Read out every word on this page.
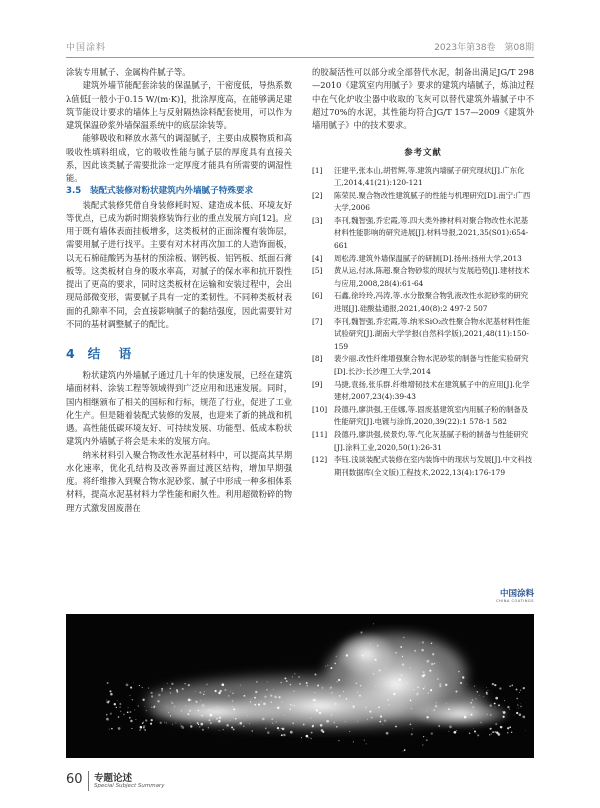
中国涂料	2023年第38卷　第08期

涂装专用腻子、金属构件腻子等。

建筑外墙节能配套涂装的保温腻子，干密度低，导热系数λ值低[一般小于0.15 W/(m·K)]，批涂厚度高，在能够满足建筑节能设计要求的墙体上与反射隔热涂料配套使用，可以作为建筑保温砂浆外墙保温系统中的底层涂装等。

能够吸收和释放水蒸气的调湿腻子，主要由成膜物质和高吸收性填料组成，它的吸收性能与腻子层的厚度具有直接关系，因此该类腻子需要批涂一定厚度才能具有所需要的调湿性能。

3.5　装配式装修对粉状建筑内外墙腻子特殊要求

装配式装修凭借自身装修耗时短、建造成本低、环境友好等优点，已成为新时期装修装饰行业的重点发展方向[12]。应用于既有墙体表面挂板增多，这类板材的正面涂覆有装饰层，需要用腻子进行找平。主要有对木材再次加工的人造饰面板，以无石棉硅酸钙为基材的预涂板、钢钙板、铝钙板、纸面石膏板等。这类板材自身的吸水率高，对腻子的保水率和抗开裂性提出了更高的要求，同时这类板材在运输和安装过程中，会出现局部微变形，需要腻子具有一定的柔韧性。不同种类板材表面的孔隙率不同，会直接影响腻子的黏结强度，因此需要针对不同的基材调整腻子的配比。

4 结　语

粉状建筑内外墙腻子通过几十年的快速发展，已经在建筑墙面材料、涂装工程等领域得到广泛应用和迅速发展。同时，国内相继颁布了相关的国标和行标，规范了行业，促进了工业化生产。但是随着装配式装修的发展，也迎来了新的挑战和机遇。高性能低碳环境友好、可持续发展、功能型、低成本粉状建筑内外墙腻子将会是未来的发展方向。

纳米材料引入聚合物改性水泥基材料中，可以提高其早期水化速率，优化孔结构及改善界面过渡区结构，增加早期强度。将纤维掺入到聚合物水泥砂浆、腻子中形成一种多相体系材料，提高水泥基材料力学性能和耐久性。利用超微粉碎的物理方式激发固废潜在

的胶凝活性可以部分或全部替代水泥，制备出满足JG/T 298—2010《建筑室内用腻子》要求的建筑内墙腻子，炼油过程中在气化炉收尘器中收取的飞灰可以替代建筑外墙腻子中不超过70%的水泥，其性能均符合JG/T 157—2009《建筑外墙用腻子》中的技术要求。

参考文献
[1]	汪建平,张本山,胡哲辉,等.建筑内墙腻子研究现状[J].广东化工,2014,41(21):120-121
[2]	陈荣民.聚合物改性建筑腻子的性能与机理研究[D].南宁:广西大学,2006
[3]	李刊,魏智强,乔宏霞,等.四大类外掺材料对聚合物改性水泥基材料性能影响的研究进展[J].材料导报,2021,35(S01):654-661
[4]	周松涛.建筑外墙保温腻子的研制[D].扬州:扬州大学,2013
[5]	黄从运,付冰,陈超.聚合物砂浆的现状与发展趋势[J].建材技术与应用,2008,28(4):61-64
[6]	石鑫,徐玲玲,冯涛,等.水分散聚合物乳液改性水泥砂浆的研究进展[J].硅酸盐通报,2021,40(8):2 497-2 507
[7]	李刊,魏智强,乔宏霞,等.纳米SiO₂改性聚合物水泥基材料性能试验研究[J].湖南大学学报(自然科学版),2021,48(11):150-159
[8]	裴少丽.改性纤维增强聚合物水泥砂浆的制备与性能实验研究[D].长沙:长沙理工大学,2014
[9]	马捷,袁扬,张乐群.纤维增韧技术在建筑腻子中的应用[J].化学建材,2007,23(4):39-43
[10] 段德丹,廖洪强,王佳娜,等.固废基建筑室内用腻子粉的制备及性能研究[J].电镀与涂饰,2020,39(22):1 578-1 582
[11] 段德丹,廖洪强,侯景灼,等.气化灰基腻子粉的制备与性能研究[J].涂料工业,2020,50(1):26-31
[12] 李钰.浅谈装配式装修在室内装饰中的现状与发展[J].中文科技期刊数据库(全文版)工程技术,2022,13(4):176-179
中国涂料
CHINA COATINGS
60 专题论述
Special Subject Summary
